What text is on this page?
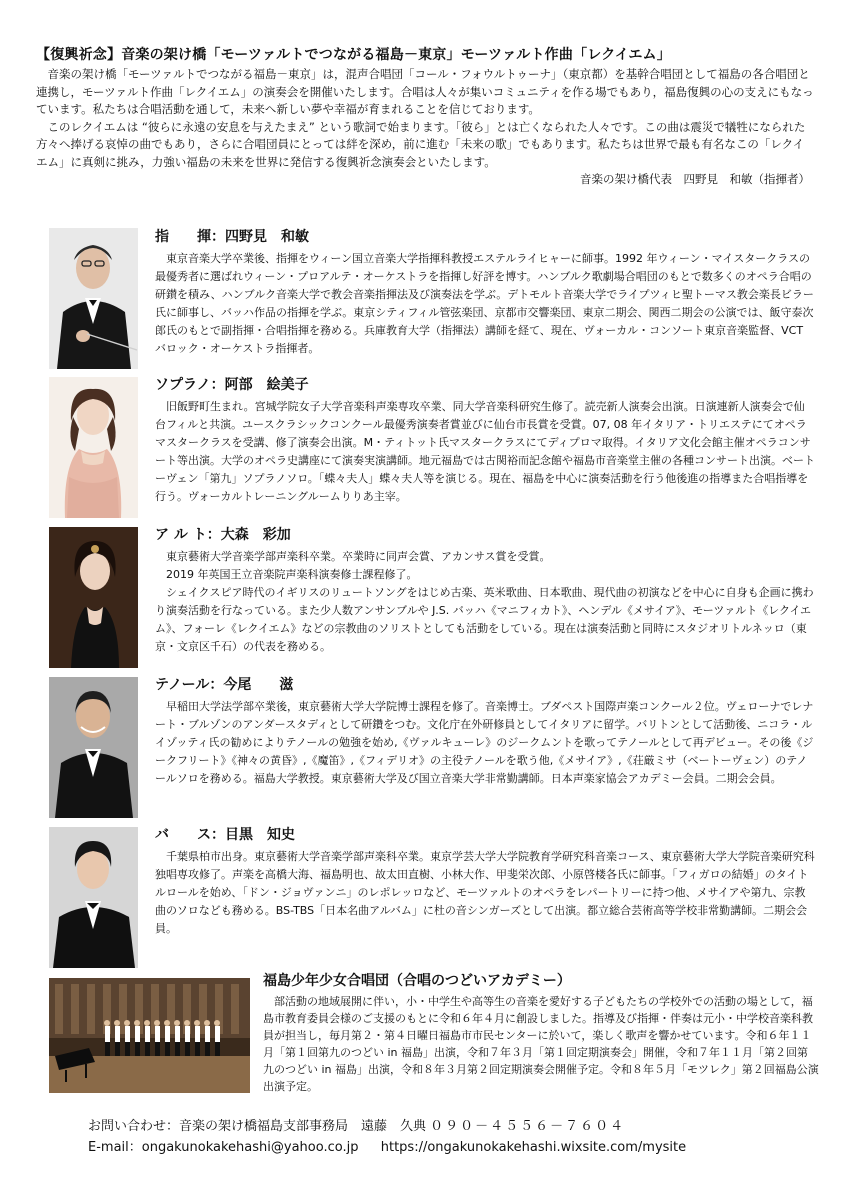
【復興祈念】音楽の架け橋「モーツァルトでつながる福島－東京」モーツァルト作曲「レクイエム」

音楽の架け橋「モーツァルトでつながる福島－東京」は，混声合唱団「コール・フォウルトゥーナ」（東京都）を基幹合唱団として福島の各合唱団と連携し，モーツァルト作曲「レクイエム」の演奏会を開催いたします。合唱は人々が集いコミュニティを作る場でもあり，福島復興の心の支えにもなっています。私たちは合唱活動を通して，未来へ新しい夢や幸福が育まれることを信じております。

このレクイエムは “彼らに永遠の安息を与えたまえ” という歌詞で始まります。「彼ら」とは亡くなられた人々です。この曲は震災で犠牲になられた方々へ捧げる哀悼の曲でもあり，さらに合唱団員にとっては絆を深め，前に進む「未来の歌」でもあります。私たちは世界で最も有名なこの「レクイエム」に真剣に挑み，力強い福島の未来を世界に発信する復興祈念演奏会といたします。

音楽の架け橋代表　四野見　和敏（指揮者）

指　　揮：四野見　和敏

東京音楽大学卒業後、指揮をウィーン国立音楽大学指揮科教授エステルライヒャーに師事。1992 年ウィーン・マイスタークラスの最優秀者に選ばれウィーン・プロアルテ・オーケストラを指揮し好評を博す。ハンブルク歌劇場合唱団のもとで数多くのオペラ合唱の研鑚を積み、ハンブルク音楽大学で教会音楽指揮法及び演奏法を学ぶ。デトモルト音楽大学でライプツィヒ聖トーマス教会楽長ビラー氏に師事し、バッハ作品の指揮を学ぶ。東京シティフィル管弦楽団、京都市交響楽団、東京二期会、関西二期会の公演では、飯守泰次郎氏のもとで副指揮・合唱指揮を務める。兵庫教育大学（指揮法）講師を経て、現在、ヴォーカル・コンソート東京音楽監督、VCT バロック・オーケストラ指揮者。

ソプラノ：阿部　絵美子

旧飯野町生まれ。宮城学院女子大学音楽科声楽専攻卒業、同大学音楽科研究生修了。読売新人演奏会出演。日演連新人演奏会で仙台フィルと共演。ユースクラシックコンクール最優秀演奏者賞並びに仙台市長賞を受賞。07, 08 年イタリア・トリエステにてオペラマスタークラスを受講、修了演奏会出演。M・ティトット氏マスタークラスにてディプロマ取得。イタリア文化会館主催オペラコンサート等出演。大学のオペラ史講座にて演奏実演講師。地元福島では古関裕而記念館や福島市音楽堂主催の各種コンサート出演。ベートーヴェン「第九」ソプラノソロ。「蝶々夫人」蝶々夫人等を演じる。現在、福島を中心に演奏活動を行う他後進の指導また合唱指導を行う。ヴォーカルトレーニングルームりりあ主宰。

ア ル ト：大森　彩加

東京藝術大学音楽学部声楽科卒業。卒業時に同声会賞、アカンサス賞を受賞。

2019 年英国王立音楽院声楽科演奏修士課程修了。

シェイクスピア時代のイギリスのリュートソングをはじめ古楽、英米歌曲、日本歌曲、現代曲の初演などを中心に自身も企画に携わり演奏活動を行なっている。また少人数アンサンブルや J.S. バッハ《マニフィカト》、ヘンデル《メサイア》、モーツァルト《レクイエム》、フォーレ《レクイエム》などの宗教曲のソリストとしても活動をしている。現在は演奏活動と同時にスタジオリトルネッロ（東京・文京区千石）の代表を務める。

テノール：今尾　　滋

早稲田大学法学部卒業後，東京藝術大学大学院博士課程を修了。音楽博士。ブダペスト国際声楽コンクール２位。ヴェローナでレナート・ブルゾンのアンダースタディとして研鑽をつむ。文化庁在外研修員としてイタリアに留学。バリトンとして活動後、ニコラ・ルイゾッティ氏の勧めによりテノールの勉強を始め,《ヴァルキューレ》のジークムントを歌ってテノールとして再デビュー。その後《ジークフリート》《神々の黄昏》,《魔笛》,《フィデリオ》の主役テノールを歌う他,《メサイア》,《荘厳ミサ（ベートーヴェン）のテノールソロを務める。福島大学教授。東京藝術大学及び国立音楽大学非常勤講師。日本声楽家協会アカデミー会員。二期会会員。

バ　　ス：目黒　知史

千葉県柏市出身。東京藝術大学音楽学部声楽科卒業。東京学芸大学大学院教育学研究科音楽コース、東京藝術大学大学院音楽研究科独唱専攻修了。声楽を高橋大海、福島明也、故太田直樹、小林大作、甲斐栄次郎、小原啓楼各氏に師事。「フィガロの結婚」のタイトルロールを始め、「ドン・ジョヴァンニ」のレポレッロなど、モーツァルトのオペラをレパートリーに持つ他、メサイアや第九、宗教曲のソロなども務める。BS-TBS「日本名曲アルバム」に杜の音シンガーズとして出演。都立総合芸術高等学校非常勤講師。二期会会員。

福島少年少女合唱団（合唱のつどいアカデミー）

部活動の地域展開に伴い，小・中学生や高等生の音楽を愛好する子どもたちの学校外での活動の場として，福島市教育委員会様のご支援のもとに令和６年４月に創設しました。指導及び指揮・伴奏は元小・中学校音楽科教員が担当し，毎月第２・第４日曜日福島市市民センターに於いて，楽しく歌声を響かせています。令和６年１１月「第１回第九のつどい in 福島」出演，令和７年３月「第１回定期演奏会」開催，令和７年１１月「第２回第九のつどい in 福島」出演，令和８年３月第２回定期演奏会開催予定。令和８年５月「モツレク」第２回福島公演出演予定。

お問い合わせ：音楽の架け橋福島支部事務局　遠藤　久典 ０９０－４５５６－７６０４
E-mail：ongakunokakehashi@yahoo.co.jp https://ongakunokakehashi.wixsite.com/mysite
